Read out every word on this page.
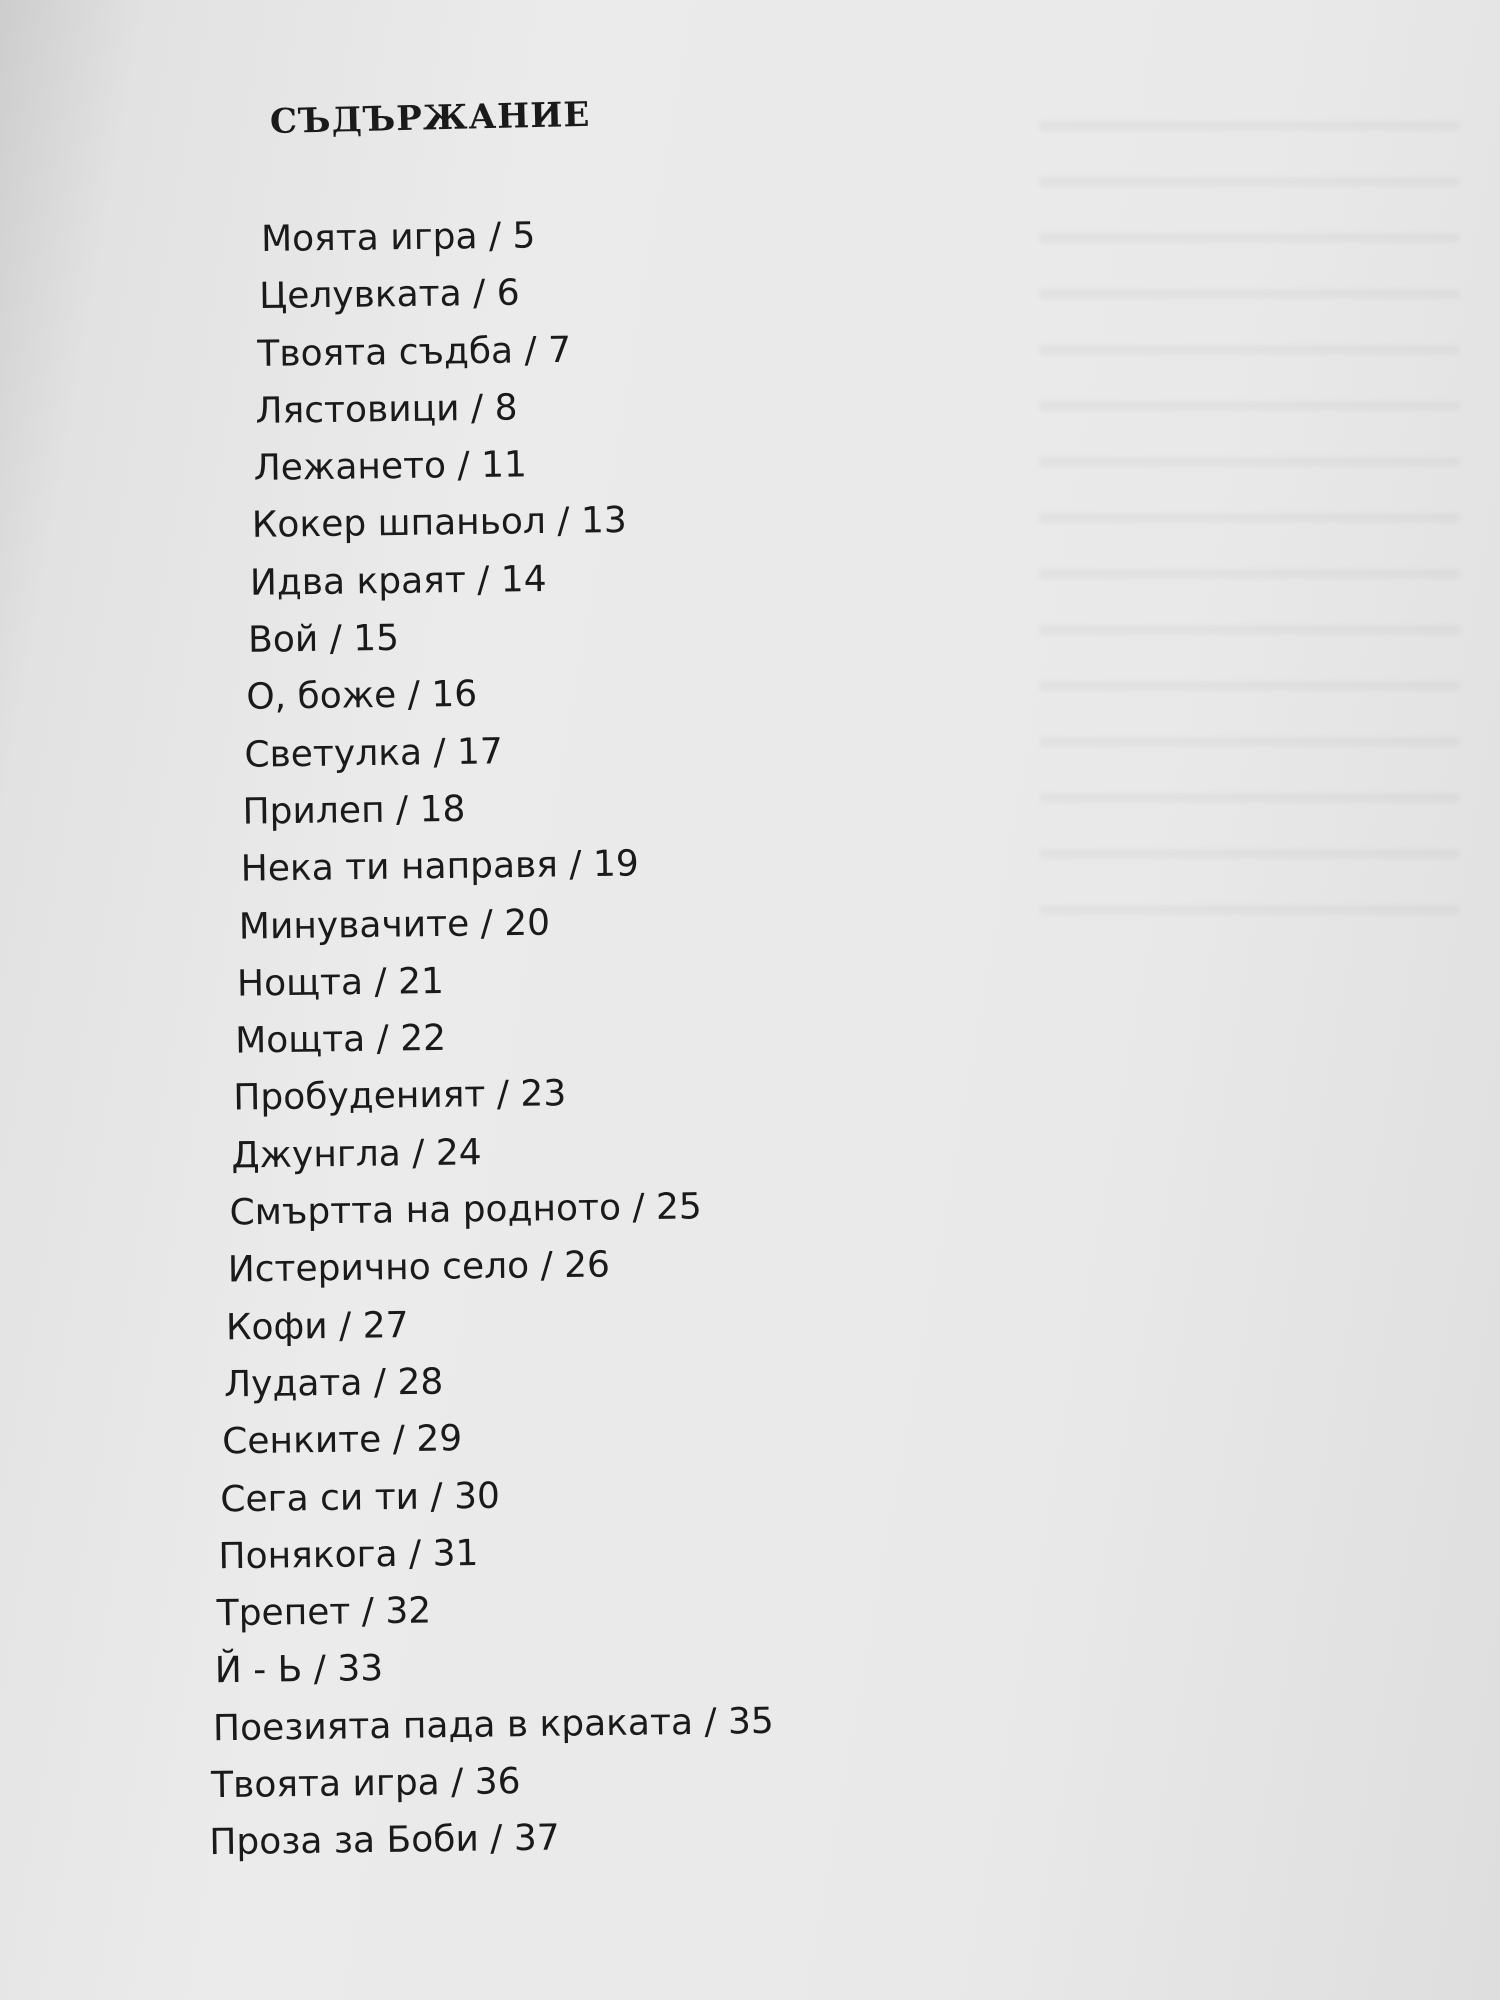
СЪДЪРЖАНИЕ
Моята игра / 5
Целувката / 6
Твоята съдба / 7
Лястовици / 8
Лежането / 11
Кокер шпаньол / 13
Идва краят / 14
Вой / 15
О, боже / 16
Светулка / 17
Прилеп / 18
Нека ти направя / 19
Минувачите / 20
Нощта / 21
Мощта / 22
Пробуденият / 23
Джунгла / 24
Смъртта на родното / 25
Истерично село / 26
Кофи / 27
Лудата / 28
Сенките / 29
Сега си ти / 30
Понякога / 31
Трепет / 32
Й - Ь / 33
Поезията пада в краката / 35
Твоята игра / 36
Проза за Боби / 37
